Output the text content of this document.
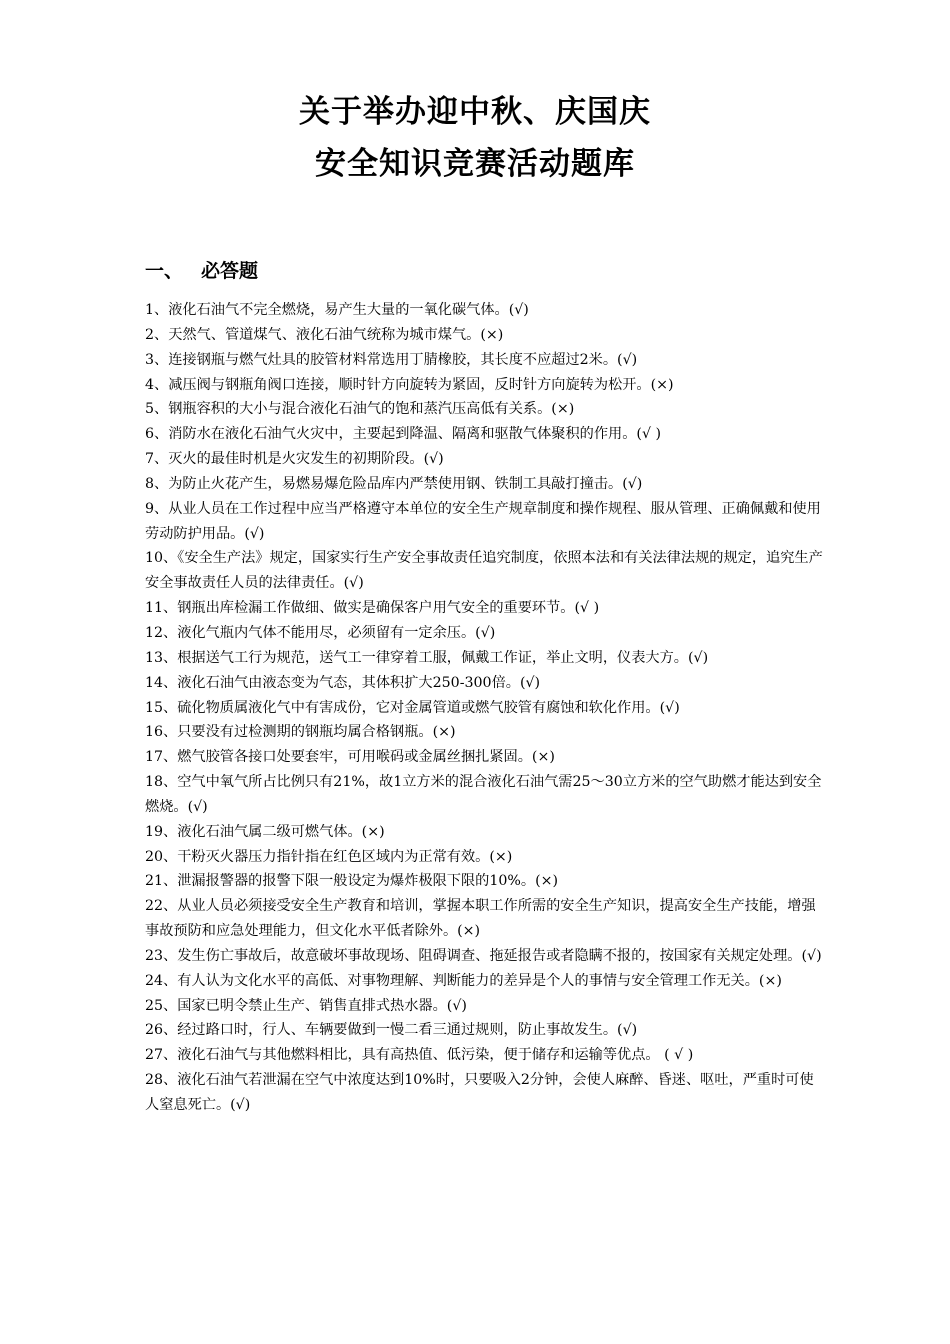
关于举办迎中秋、庆国庆
安全知识竞赛活动题库
一、 必答题

1、液化石油气不完全燃烧，易产生大量的一氧化碳气体。(√)

2、天然气、管道煤气、液化石油气统称为城市煤气。(×)

3、连接钢瓶与燃气灶具的胶管材料常选用丁腈橡胶，其长度不应超过2米。(√)

4、减压阀与钢瓶角阀口连接，顺时针方向旋转为紧固，反时针方向旋转为松开。(×)

5、钢瓶容积的大小与混合液化石油气的饱和蒸汽压高低有关系。(×)

6、消防水在液化石油气火灾中，主要起到降温、隔离和驱散气体聚积的作用。(√ )

7、灭火的最佳时机是火灾发生的初期阶段。(√)

8、为防止火花产生，易燃易爆危险品库内严禁使用钢、铁制工具敲打撞击。(√)

9、从业人员在工作过程中应当严格遵守本单位的安全生产规章制度和操作规程、服从管理、正确佩戴和使用劳动防护用品。(√)

10、《安全生产法》规定，国家实行生产安全事故责任追究制度，依照本法和有关法律法规的规定，追究生产安全事故责任人员的法律责任。(√)

11、钢瓶出库检漏工作做细、做实是确保客户用气安全的重要环节。(√ )

12、液化气瓶内气体不能用尽，必须留有一定余压。(√)

13、根据送气工行为规范，送气工一律穿着工服，佩戴工作证，举止文明，仪表大方。(√)

14、液化石油气由液态变为气态，其体积扩大250-300倍。(√)

15、硫化物质属液化气中有害成份，它对金属管道或燃气胶管有腐蚀和软化作用。(√)

16、只要没有过检测期的钢瓶均属合格钢瓶。(×)

17、燃气胶管各接口处要套牢，可用喉码或金属丝捆扎紧固。(×)

18、空气中氧气所占比例只有21%，故1立方米的混合液化石油气需25～30立方米的空气助燃才能达到安全燃烧。(√)

19、液化石油气属二级可燃气体。(×)

20、干粉灭火器压力指针指在红色区域内为正常有效。(×)

21、泄漏报警器的报警下限一般设定为爆炸极限下限的10%。(×)

22、从业人员必须接受安全生产教育和培训，掌握本职工作所需的安全生产知识，提高安全生产技能，增强事故预防和应急处理能力，但文化水平低者除外。(×)

23、发生伤亡事故后，故意破坏事故现场、阻碍调查、拖延报告或者隐瞒不报的，按国家有关规定处理。(√)

24、有人认为文化水平的高低、对事物理解、判断能力的差异是个人的事情与安全管理工作无关。(×)

25、国家已明令禁止生产、销售直排式热水器。(√)

26、经过路口时，行人、车辆要做到一慢二看三通过规则，防止事故发生。(√)

27、液化石油气与其他燃料相比，具有高热值、低污染，便于储存和运输等优点。 ( √ )

28、液化石油气若泄漏在空气中浓度达到10%时，只要吸入2分钟，会使人麻醉、昏迷、呕吐，严重时可使人窒息死亡。(√)
